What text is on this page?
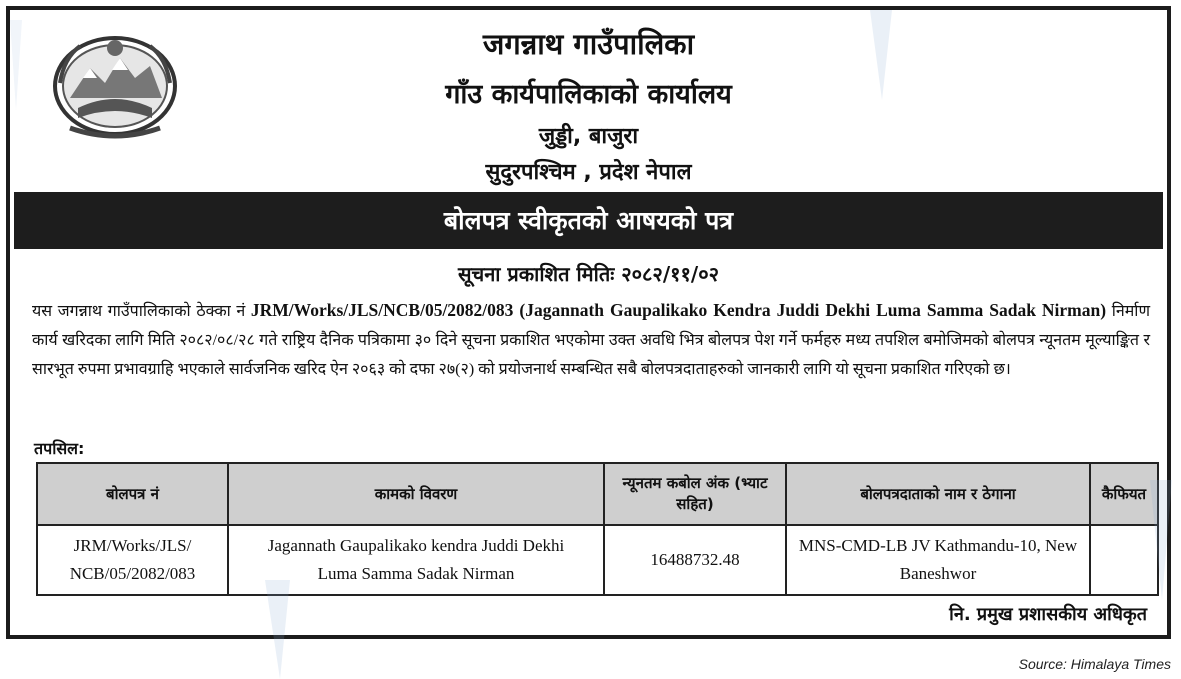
जगन्नाथ गाउँपालिका
गाँउ कार्यपालिकाको कार्यालय
जुड्डी, बाजुरा
सुदुरपश्चिम , प्रदेश नेपाल
बोलपत्र स्वीकृतको आषयको पत्र
सूचना प्रकाशित मितिः २०८२/११/०२
यस जगन्नाथ गाउँपालिकाको ठेक्का नं JRM/Works/JLS/NCB/05/2082/083 (Jagannath Gaupalikako Kendra Juddi Dekhi Luma Samma Sadak Nirman) निर्माण कार्य खरिदका लागि मिति २०८२/०८/२८ गते राष्ट्रिय दैनिक पत्रिकामा ३० दिने सूचना प्रकाशित भएकोमा उक्त अवधि भित्र बोलपत्र पेश गर्ने फर्महरु मध्य तपशिल बमोजिमको बोलपत्र न्यूनतम मूल्याङ्कित र सारभूत रुपमा प्रभावग्राहि भएकाले सार्वजनिक खरिद ऐन २०६३ को दफा २७(२) को प्रयोजनार्थ सम्बन्धित सबै बोलपत्रदाताहरुको जानकारी लागि यो सूचना प्रकाशित गरिएको छ।
तपसिल:
बोलपत्र नं	कामको विवरण	न्यूनतम कबोल अंक (भ्याट सहित)	बोलपत्रदाताको नाम र ठेगाना	कैफियत
JRM/Works/JLS/ NCB/05/2082/083	Jagannath Gaupalikako kendra Juddi Dekhi Luma Samma Sadak Nirman	16488732.48	MNS-CMD-LB JV Kathmandu-10, New Baneshwor	
नि. प्रमुख प्रशासकीय अधिकृत
Source: Himalaya Times
